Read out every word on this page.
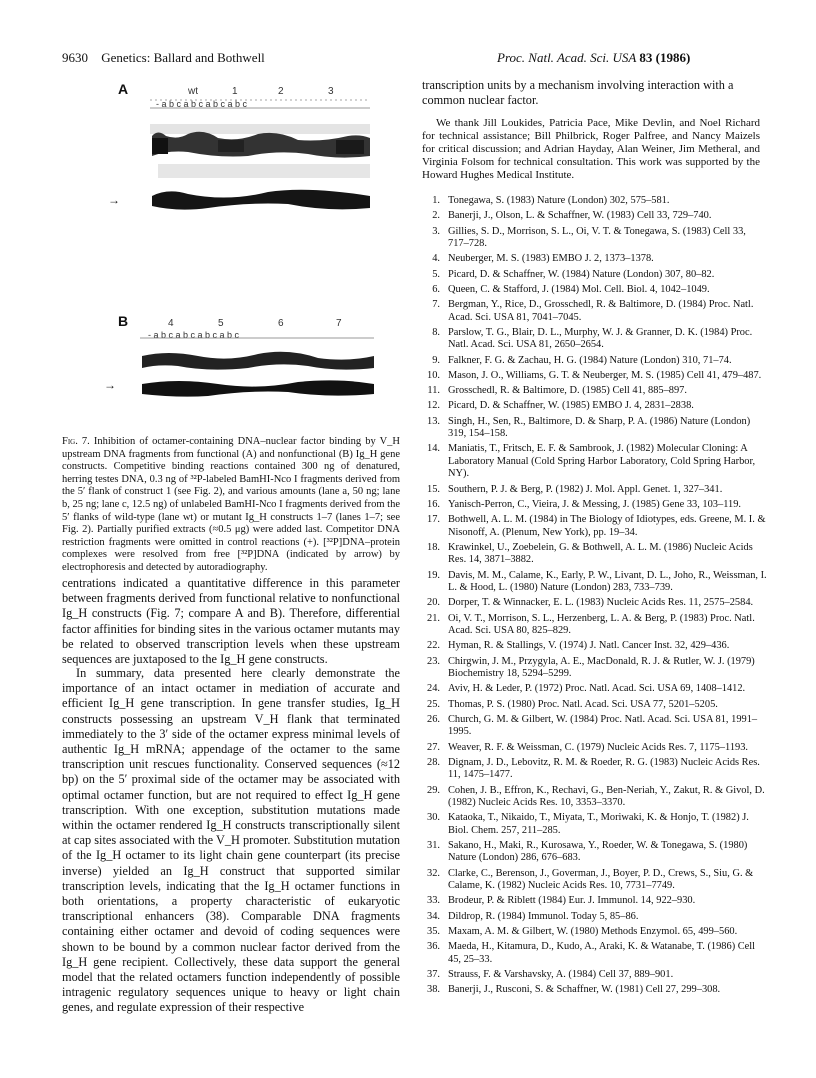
9630 Genetics: Ballard and Bothwell	Proc. Natl. Acad. Sci. USA 83 (1986)
A	wt	1	2	3
- a b c a b c a b c a b c
→
B	4	5	6	7
- a b c a b c a b c a b c
→
Fig. 7. Inhibition of octamer-containing DNA–nuclear factor binding by V_H upstream DNA fragments from functional (A) and nonfunctional (B) Ig_H gene constructs. Competitive binding reactions contained 300 ng of denatured, herring testes DNA, 0.3 ng of ³²P-labeled BamHI-Nco I fragments derived from the 5′ flank of construct 1 (see Fig. 2), and various amounts (lane a, 50 ng; lane b, 25 ng; lane c, 12.5 ng) of unlabeled BamHI-Nco I fragments derived from the 5′ flanks of wild-type (lane wt) or mutant Ig_H constructs 1–7 (lanes 1–7; see Fig. 2). Partially purified extracts (≈0.5 μg) were added last. Competitor DNA restriction fragments were omitted in control reactions (+). [³²P]DNA–protein complexes were resolved from free [³²P]DNA (indicated by arrow) by electrophoresis and detected by autoradiography.
centrations indicated a quantitative difference in this parameter between fragments derived from functional relative to nonfunctional Ig_H constructs (Fig. 7; compare A and B). Therefore, differential factor affinities for binding sites in the various octamer mutants may be related to observed transcription levels when these upstream sequences are juxtaposed to the Ig_H gene constructs.
In summary, data presented here clearly demonstrate the importance of an intact octamer in mediation of accurate and efficient Ig_H gene transcription. In gene transfer studies, Ig_H constructs possessing an upstream V_H flank that terminated immediately to the 3′ side of the octamer express minimal levels of authentic Ig_H mRNA; appendage of the octamer to the same transcription unit rescues functionality. Conserved sequences (≈12 bp) on the 5′ proximal side of the octamer may be associated with optimal octamer function, but are not required to effect Ig_H gene transcription. With one exception, substitution mutations made within the octamer rendered Ig_H constructs transcriptionally silent at cap sites associated with the V_H promoter. Substitution mutation of the Ig_H octamer to its light chain gene counterpart (its precise inverse) yielded an Ig_H construct that supported similar transcription levels, indicating that the Ig_H octamer functions in both orientations, a property characteristic of eukaryotic transcriptional enhancers (38). Comparable DNA fragments containing either octamer and devoid of coding sequences were shown to be bound by a common nuclear factor derived from the Ig_H gene recipient. Collectively, these data support the general model that the related octamers function independently of possible intragenic regulatory sequences unique to heavy or light chain genes, and regulate expression of their respective
transcription units by a mechanism involving interaction with a common nuclear factor.
We thank Jill Loukides, Patricia Pace, Mike Devlin, and Noel Richard for technical assistance; Bill Philbrick, Roger Palfree, and Nancy Maizels for critical discussion; and Adrian Hayday, Alan Weiner, Jim Metheral, and Virginia Folsom for technical consultation. This work was supported by the Howard Hughes Medical Institute.
1. Tonegawa, S. (1983) Nature (London) 302, 575–581.
2. Banerji, J., Olson, L. & Schaffner, W. (1983) Cell 33, 729–740.
3. Gillies, S. D., Morrison, S. L., Oi, V. T. & Tonegawa, S. (1983) Cell 33, 717–728.
4. Neuberger, M. S. (1983) EMBO J. 2, 1373–1378.
5. Picard, D. & Schaffner, W. (1984) Nature (London) 307, 80–82.
6. Queen, C. & Stafford, J. (1984) Mol. Cell. Biol. 4, 1042–1049.
7. Bergman, Y., Rice, D., Grosschedl, R. & Baltimore, D. (1984) Proc. Natl. Acad. Sci. USA 81, 7041–7045.
8. Parslow, T. G., Blair, D. L., Murphy, W. J. & Granner, D. K. (1984) Proc. Natl. Acad. Sci. USA 81, 2650–2654.
9. Falkner, F. G. & Zachau, H. G. (1984) Nature (London) 310, 71–74.
10. Mason, J. O., Williams, G. T. & Neuberger, M. S. (1985) Cell 41, 479–487.
11. Grosschedl, R. & Baltimore, D. (1985) Cell 41, 885–897.
12. Picard, D. & Schaffner, W. (1985) EMBO J. 4, 2831–2838.
13. Singh, H., Sen, R., Baltimore, D. & Sharp, P. A. (1986) Nature (London) 319, 154–158.
14. Maniatis, T., Fritsch, E. F. & Sambrook, J. (1982) Molecular Cloning: A Laboratory Manual (Cold Spring Harbor Laboratory, Cold Spring Harbor, NY).
15. Southern, P. J. & Berg, P. (1982) J. Mol. Appl. Genet. 1, 327–341.
16. Yanisch-Perron, C., Vieira, J. & Messing, J. (1985) Gene 33, 103–119.
17. Bothwell, A. L. M. (1984) in The Biology of Idiotypes, eds. Greene, M. I. & Nisonoff, A. (Plenum, New York), pp. 19–34.
18. Krawinkel, U., Zoebelein, G. & Bothwell, A. L. M. (1986) Nucleic Acids Res. 14, 3871–3882.
19. Davis, M. M., Calame, K., Early, P. W., Livant, D. L., Joho, R., Weissman, I. L. & Hood, L. (1980) Nature (London) 283, 733–739.
20. Dorper, T. & Winnacker, E. L. (1983) Nucleic Acids Res. 11, 2575–2584.
21. Oi, V. T., Morrison, S. L., Herzenberg, L. A. & Berg, P. (1983) Proc. Natl. Acad. Sci. USA 80, 825–829.
22. Hyman, R. & Stallings, V. (1974) J. Natl. Cancer Inst. 32, 429–436.
23. Chirgwin, J. M., Przygyla, A. E., MacDonald, R. J. & Rutler, W. J. (1979) Biochemistry 18, 5294–5299.
24. Aviv, H. & Leder, P. (1972) Proc. Natl. Acad. Sci. USA 69, 1408–1412.
25. Thomas, P. S. (1980) Proc. Natl. Acad. Sci. USA 77, 5201–5205.
26. Church, G. M. & Gilbert, W. (1984) Proc. Natl. Acad. Sci. USA 81, 1991–1995.
27. Weaver, R. F. & Weissman, C. (1979) Nucleic Acids Res. 7, 1175–1193.
28. Dignam, J. D., Lebovitz, R. M. & Roeder, R. G. (1983) Nucleic Acids Res. 11, 1475–1477.
29. Cohen, J. B., Effron, K., Rechavi, G., Ben-Neriah, Y., Zakut, R. & Givol, D. (1982) Nucleic Acids Res. 10, 3353–3370.
30. Kataoka, T., Nikaido, T., Miyata, T., Moriwaki, K. & Honjo, T. (1982) J. Biol. Chem. 257, 211–285.
31. Sakano, H., Maki, R., Kurosawa, Y., Roeder, W. & Tonegawa, S. (1980) Nature (London) 286, 676–683.
32. Clarke, C., Berenson, J., Goverman, J., Boyer, P. D., Crews, S., Siu, G. & Calame, K. (1982) Nucleic Acids Res. 10, 7731–7749.
33. Brodeur, P. & Riblett (1984) Eur. J. Immunol. 14, 922–930.
34. Dildrop, R. (1984) Immunol. Today 5, 85–86.
35. Maxam, A. M. & Gilbert, W. (1980) Methods Enzymol. 65, 499–560.
36. Maeda, H., Kitamura, D., Kudo, A., Araki, K. & Watanabe, T. (1986) Cell 45, 25–33.
37. Strauss, F. & Varshavsky, A. (1984) Cell 37, 889–901.
38. Banerji, J., Rusconi, S. & Schaffner, W. (1981) Cell 27, 299–308.
